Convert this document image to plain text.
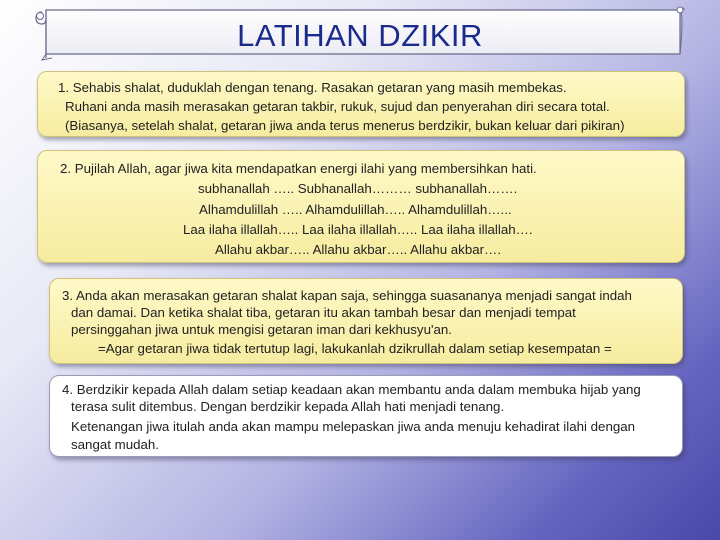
LATIHAN DZIKIR
1. Sehabis shalat, duduklah dengan tenang. Rasakan getaran yang masih membekas.
Ruhani anda masih merasakan getaran takbir, rukuk, sujud dan penyerahan diri secara total.
(Biasanya, setelah shalat, getaran jiwa anda terus menerus berdzikir, bukan keluar dari pikiran)
2. Pujilah Allah, agar jiwa kita mendapatkan energi ilahi yang membersihkan hati.
subhanallah ….. Subhanallah……… subhanallah…….
Alhamdulillah ….. Alhamdulillah….. Alhamdulillah…...
Laa ilaha illallah….. Laa ilaha illallah….. Laa ilaha illallah….
Allahu akbar….. Allahu akbar….. Allahu akbar….
3. Anda akan merasakan getaran shalat kapan saja, sehingga suasananya menjadi sangat indah
dan damai. Dan ketika shalat tiba, getaran itu akan tambah besar dan menjadi tempat
persinggahan jiwa untuk mengisi getaran iman dari kekhusyu'an.
=Agar getaran jiwa tidak tertutup lagi, lakukanlah dzikrullah dalam setiap kesempatan =
4. Berdzikir kepada Allah dalam setiap keadaan akan membantu anda dalam membuka hijab yang
terasa sulit ditembus. Dengan berdzikir kepada Allah hati menjadi tenang.
Ketenangan jiwa itulah anda akan mampu melepaskan jiwa anda menuju kehadirat ilahi dengan
sangat mudah.
